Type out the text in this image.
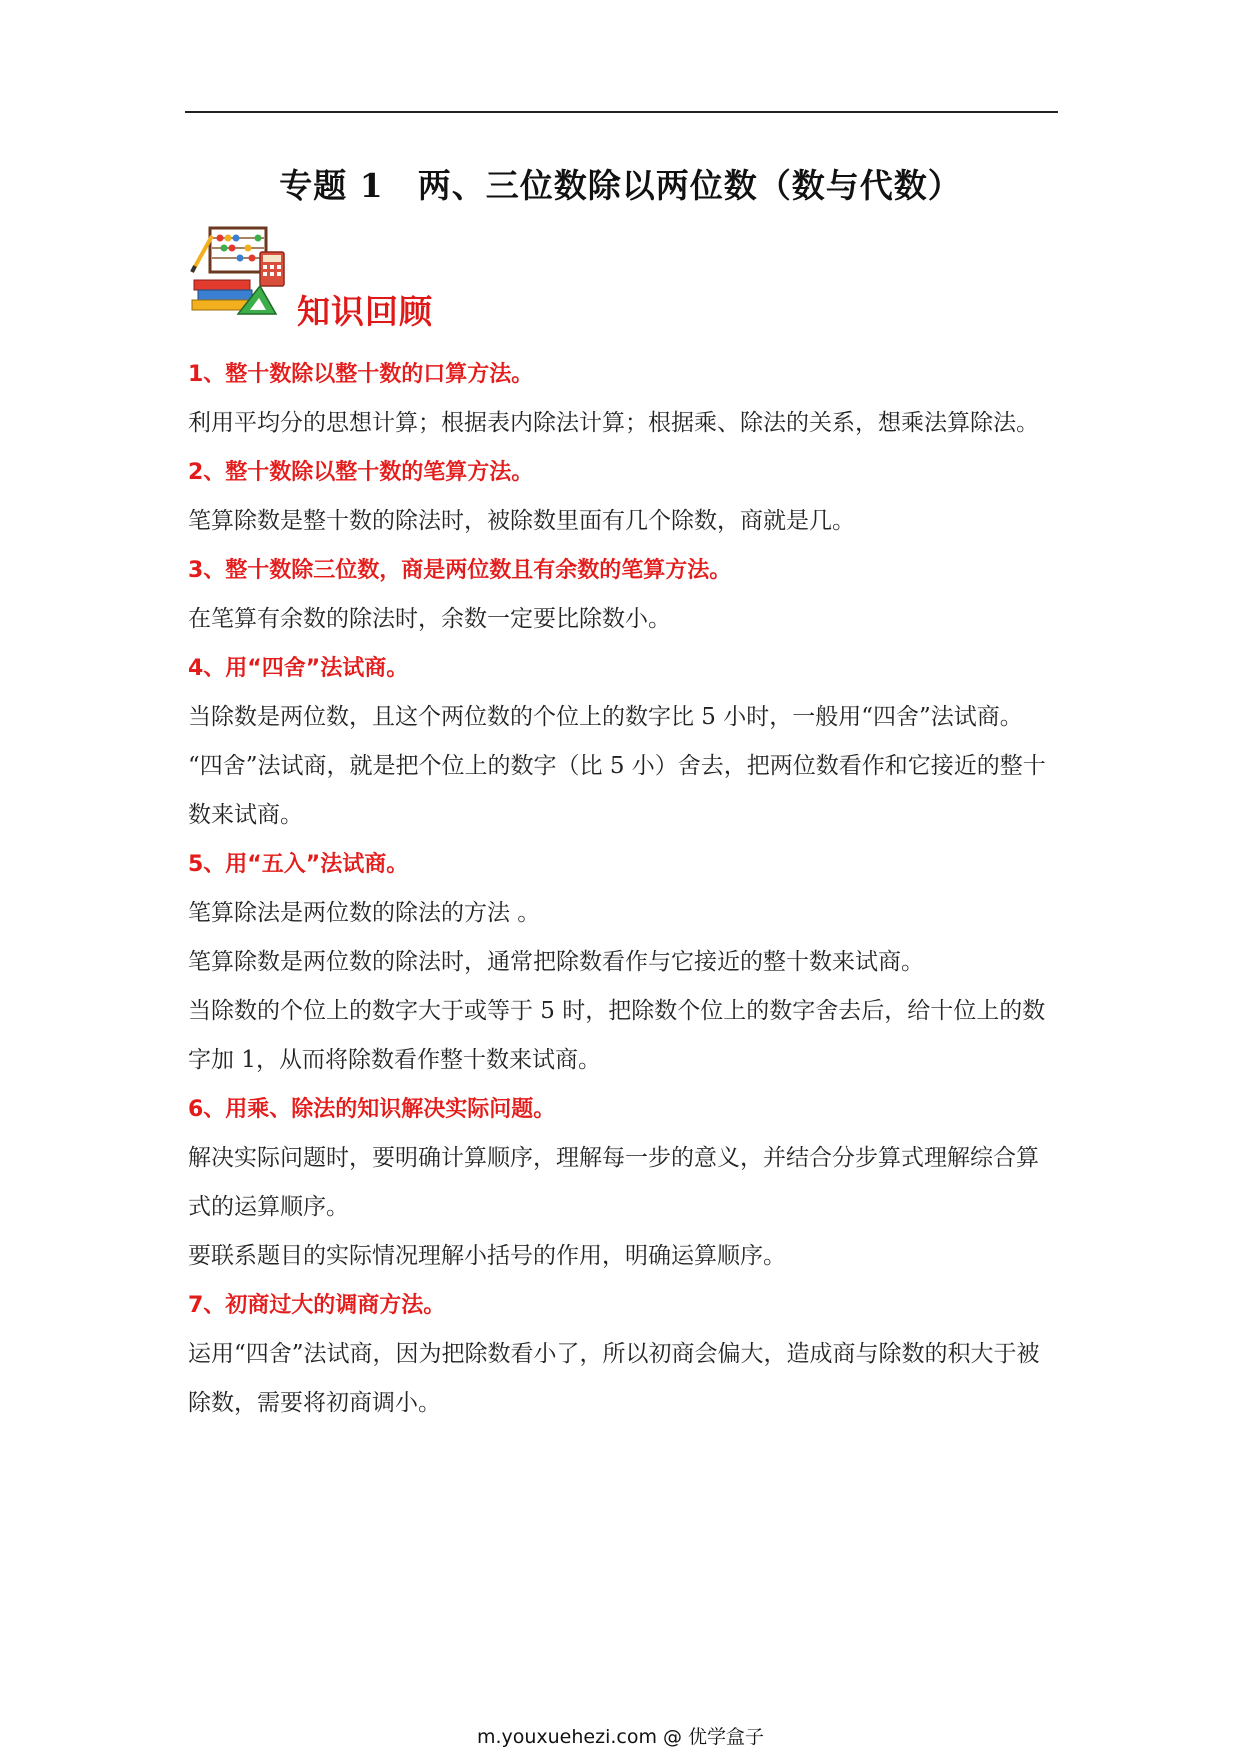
专题 1　两、三位数除以两位数（数与代数）
知识回顾
1、整十数除以整十数的口算方法。
利用平均分的思想计算；根据表内除法计算；根据乘、除法的关系，想乘法算除法。
2、整十数除以整十数的笔算方法。
笔算除数是整十数的除法时，被除数里面有几个除数，商就是几。
3、整十数除三位数，商是两位数且有余数的笔算方法。
在笔算有余数的除法时，余数一定要比除数小。
4、用“四舍”法试商。
当除数是两位数，且这个两位数的个位上的数字比 5 小时，一般用“四舍”法试商。
“四舍”法试商，就是把个位上的数字（比 5 小）舍去，把两位数看作和它接近的整十数来试商。
5、用“五入”法试商。
笔算除法是两位数的除法的方法 。
笔算除数是两位数的除法时，通常把除数看作与它接近的整十数来试商。
当除数的个位上的数字大于或等于 5 时，把除数个位上的数字舍去后，给十位上的数字加 1，从而将除数看作整十数来试商。
6、用乘、除法的知识解决实际问题。
解决实际问题时，要明确计算顺序，理解每一步的意义，并结合分步算式理解综合算式的运算顺序。
要联系题目的实际情况理解小括号的作用，明确运算顺序。
7、初商过大的调商方法。
运用“四舍”法试商，因为把除数看小了，所以初商会偏大，造成商与除数的积大于被除数，需要将初商调小。
m.youxuehezi.com @ 优学盒子
